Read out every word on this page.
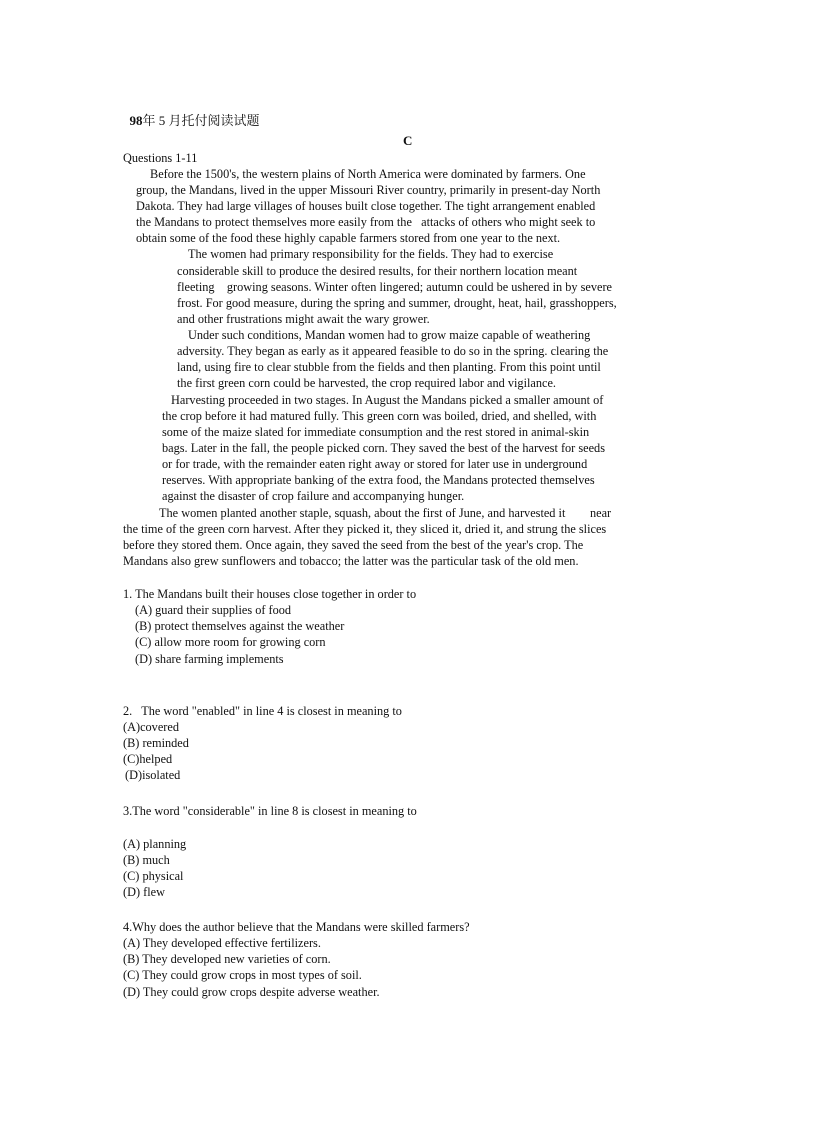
98年 5 月托付阅读试题

C
Questions 1-11
Before the 1500's, the western plains of North America were dominated by farmers. One
group, the Mandans, lived in the upper Missouri River country, primarily in present-day North
Dakota. They had large villages of houses built close together. The tight arrangement enabled
the Mandans to protect themselves more easily from the   attacks of others who might seek to
obtain some of the food these highly capable farmers stored from one year to the next.
The women had primary responsibility for the fields. They had to exercise
considerable skill to produce the desired results, for their northern location meant
fleeting    growing seasons. Winter often lingered; autumn could be ushered in by severe
frost. For good measure, during the spring and summer, drought, heat, hail, grasshoppers,
and other frustrations might await the wary grower.
Under such conditions, Mandan women had to grow maize capable of weathering
adversity. They began as early as it appeared feasible to do so in the spring. clearing the
land, using fire to clear stubble from the fields and then planting. From this point until
the first green corn could be harvested, the crop required labor and vigilance.
Harvesting proceeded in two stages. In August the Mandans picked a smaller amount of
the crop before it had matured fully. This green corn was boiled, dried, and shelled, with
some of the maize slated for immediate consumption and the rest stored in animal-skin
bags. Later in the fall, the people picked corn. They saved the best of the harvest for seeds
or for trade, with the remainder eaten right away or stored for later use in underground
reserves. With appropriate banking of the extra food, the Mandans protected themselves
against the disaster of crop failure and accompanying hunger.
The women planted another staple, squash, about the first of June, and harvested it        near
the time of the green corn harvest. After they picked it, they sliced it, dried it, and strung the slices
before they stored them. Once again, they saved the seed from the best of the year's crop. The
Mandans also grew sunflowers and tobacco; the latter was the particular task of the old men.
1. The Mandans built their houses close together in order to
(A) guard their supplies of food
(B) protect themselves against the weather
(C) allow more room for growing corn
(D) share farming implements
2.   The word "enabled" in line 4 is closest in meaning to
(A)covered
(B) reminded
(C)helped
(D)isolated
3.The word "considerable" in line 8 is closest in meaning to
(A) planning
(B) much
(C) physical
(D) flew
4.Why does the author believe that the Mandans were skilled farmers?
(A) They developed effective fertilizers.
(B) They developed new varieties of corn.
(C) They could grow crops in most types of soil.
(D) They could grow crops despite adverse weather.
